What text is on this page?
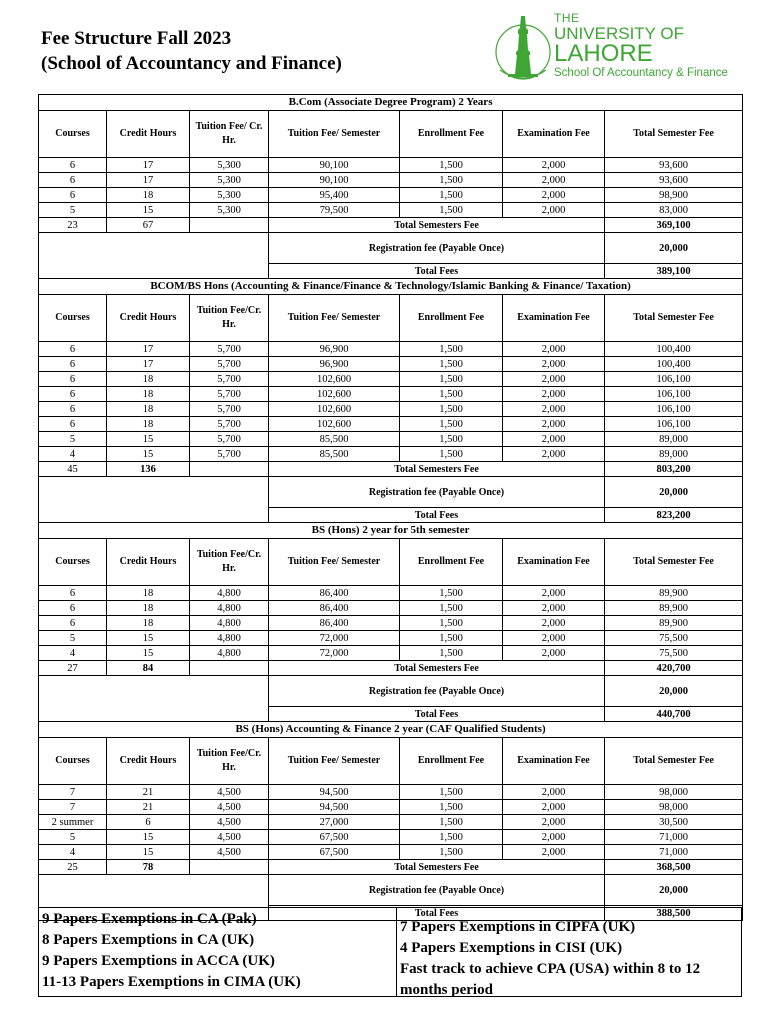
Fee Structure Fall 2023
(School of Accountancy and Finance)
THE
UNIVERSITY OF
LAHORE
School Of Accountancy & Finance
B.Com (Associate Degree Program) 2 Years						
Courses	Credit Hours	Tuition Fee/ Cr. Hr.	Tuition Fee/ Semester	Enrollment Fee	Examination Fee	Total Semester Fee
6	17	5,300	90,100	1,500	2,000	93,600
6	17	5,300	90,100	1,500	2,000	93,600
6	18	5,300	95,400	1,500	2,000	98,900
5	15	5,300	79,500	1,500	2,000	83,000
23	67		Total Semesters Fee			369,100
			Registration fee (Payable Once)			20,000
			Total Fees			389,100
BCOM/BS Hons (Accounting & Finance/Finance & Technology/Islamic Banking & Finance/ Taxation)						
Courses	Credit Hours	Tuition Fee/Cr. Hr.	Tuition Fee/ Semester	Enrollment Fee	Examination Fee	Total Semester Fee
6	17	5,700	96,900	1,500	2,000	100,400
6	17	5,700	96,900	1,500	2,000	100,400
6	18	5,700	102,600	1,500	2,000	106,100
6	18	5,700	102,600	1,500	2,000	106,100
6	18	5,700	102,600	1,500	2,000	106,100
6	18	5,700	102,600	1,500	2,000	106,100
5	15	5,700	85,500	1,500	2,000	89,000
4	15	5,700	85,500	1,500	2,000	89,000
45	136		Total Semesters Fee			803,200
			Registration fee (Payable Once)			20,000
			Total Fees			823,200
BS (Hons) 2 year for 5th semester						
Courses	Credit Hours	Tuition Fee/Cr. Hr.	Tuition Fee/ Semester	Enrollment Fee	Examination Fee	Total Semester Fee
6	18	4,800	86,400	1,500	2,000	89,900
6	18	4,800	86,400	1,500	2,000	89,900
6	18	4,800	86,400	1,500	2,000	89,900
5	15	4,800	72,000	1,500	2,000	75,500
4	15	4,800	72,000	1,500	2,000	75,500
27	84		Total Semesters Fee			420,700
			Registration fee (Payable Once)			20,000
			Total Fees			440,700
BS (Hons) Accounting & Finance 2 year (CAF Qualified Students)						
Courses	Credit Hours	Tuition Fee/Cr. Hr.	Tuition Fee/ Semester	Enrollment Fee	Examination Fee	Total Semester Fee
7	21	4,500	94,500	1,500	2,000	98,000
7	21	4,500	94,500	1,500	2,000	98,000
2 summer	6	4,500	27,000	1,500	2,000	30,500
5	15	4,500	67,500	1,500	2,000	71,000
4	15	4,500	67,500	1,500	2,000	71,000
25	78		Total Semesters Fee			368,500
			Registration fee (Payable Once)			20,000
			Total Fees			388,500
9 Papers Exemptions in CA (Pak)
8 Papers Exemptions in CA (UK)
9 Papers Exemptions in ACCA (UK)
11-13 Papers Exemptions in CIMA (UK)
7 Papers Exemptions in CIPFA (UK)
4 Papers Exemptions in CISI (UK)
Fast track to achieve CPA (USA) within 8 to 12 months period
